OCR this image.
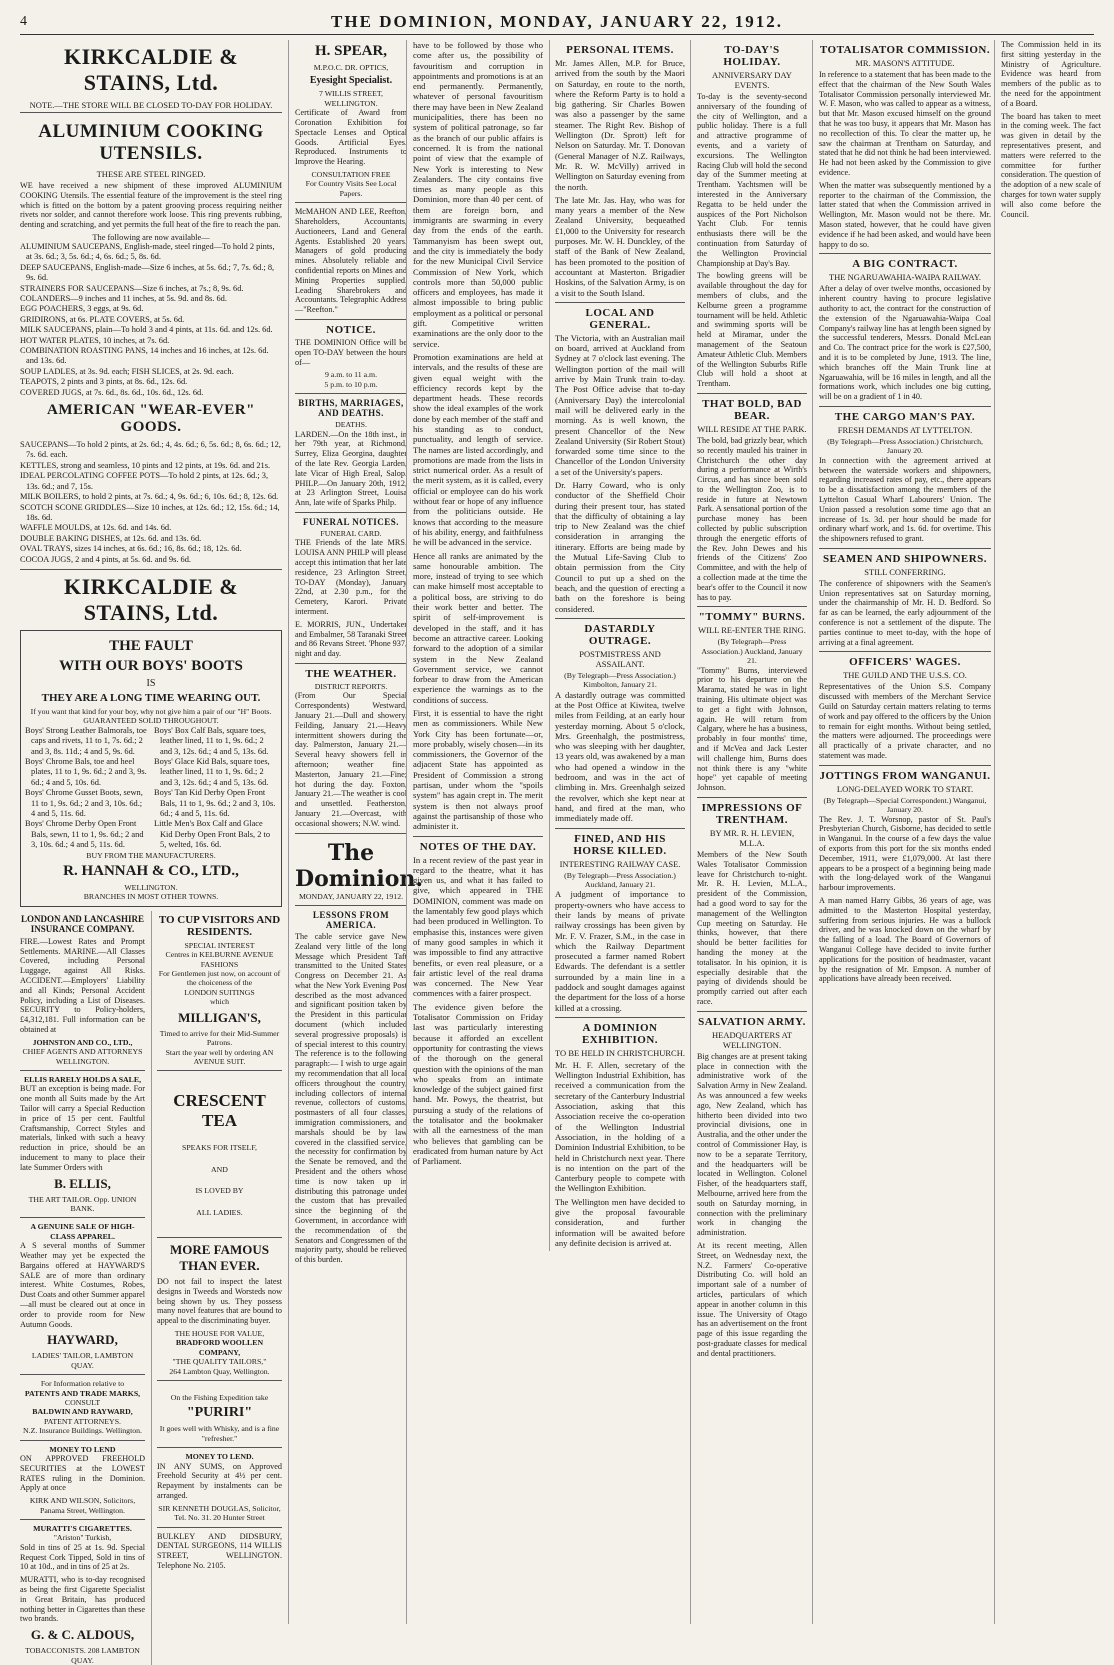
4	THE DOMINION, MONDAY, JANUARY 22, 1912.
KIRKCALDIE & STAINS, Ltd.
NOTE.—THE STORE WILL BE CLOSED TO-DAY FOR HOLIDAY.
ALUMINIUM COOKING UTENSILS.
THESE ARE STEEL RINGED.

WE have received a new shipment of these improved ALUMINIUM COOKING Utensils. The essential feature of the improvement is the steel ring which is fitted on the bottom by a patent grooving process requiring neither rivets nor solder, and cannot therefore work loose. This ring prevents rubbing, denting and scratching, and yet permits the full heat of the fire to reach the pan.

The following are now available—
ALUMINIUM SAUCEPANS, English-made, steel ringed—To hold 2 pints, at 3s. 6d.; 3, 5s. 6d.; 4, 6s. 6d.; 5, 8s. 6d.
DEEP SAUCEPANS, English-made—Size 6 inches, at 5s. 6d.; 7, 7s. 6d.; 8, 9s. 6d.
STRAINERS FOR SAUCEPANS—Size 6 inches, at 7s.; 8, 9s. 6d.
COLANDERS—9 inches and 11 inches, at 5s. 9d. and 8s. 6d.
EGG POACHERS, 3 eggs, at 9s. 6d.
GRIDIRONS, at 6s. PLATE COVERS, at 5s. 6d.
MILK SAUCEPANS, plain—To hold 3 and 4 pints, at 11s. 6d. and 12s. 6d.
HOT WATER PLATES, 10 inches, at 7s. 6d.
COMBINATION ROASTING PANS, 14 inches and 16 inches, at 12s. 6d. and 13s. 6d.
SOUP LADLES, at 3s. 9d. each; FISH SLICES, at 2s. 9d. each.
TEAPOTS, 2 pints and 3 pints, at 8s. 6d., 12s. 6d.
COVERED JUGS, at 7s. 6d., 8s. 6d., 10s. 6d., 12s. 6d.
AMERICAN "WEAR-EVER" GOODS.
SAUCEPANS—To hold 2 pints, at 2s. 6d.; 4, 4s. 6d.; 6, 5s. 6d.; 8, 6s. 6d.; 12, 7s. 6d. each.
KETTLES, strong and seamless, 10 pints and 12 pints, at 19s. 6d. and 21s.
IDEAL PERCOLATING COFFEE POTS—To hold 2 pints, at 12s. 6d.; 3, 13s. 6d.; and 7, 15s.
MILK BOILERS, to hold 2 pints, at 7s. 6d.; 4, 9s. 6d.; 6, 10s. 6d.; 8, 12s. 6d.
SCOTCH SCONE GRIDDLES—Size 10 inches, at 12s. 6d.; 12, 15s. 6d.; 14, 18s. 6d.
WAFFLE MOULDS, at 12s. 6d. and 14s. 6d.
DOUBLE BAKING DISHES, at 12s. 6d. and 13s. 6d.
OVAL TRAYS, sizes 14 inches, at 6s. 6d.; 16, 8s. 6d.; 18, 12s. 6d.
COCOA JUGS, 2 and 4 pints, at 5s. 6d. and 9s. 6d.
KIRKCALDIE & STAINS, Ltd.
THE FAULT
WITH OUR BOYS' BOOTS
IS
THEY ARE A LONG TIME WEARING OUT.
If you want that kind for your boy, why not give him a pair of our "H" Boots. GUARANTEED SOLID THROUGHOUT.
Boys' Strong Leather Balmorals, toe caps and rivets, 11 to 1, 7s. 6d.; 2 and 3, 8s. 11d.; 4 and 5, 9s. 6d.
Boys' Chrome Bals, toe and heel plates, 11 to 1, 9s. 6d.; 2 and 3, 9s. 6d.; 4 and 5, 10s. 6d.
Boys' Chrome Gusset Boots, sewn, 11 to 1, 9s. 6d.; 2 and 3, 10s. 6d.; 4 and 5, 11s. 6d.
Boys' Chrome Derby Open Front Bals, sewn, 11 to 1, 9s. 6d.; 2 and 3, 10s. 6d.; 4 and 5, 11s. 6d.
Boys' Box Calf Bals, square toes, leather lined, 11 to 1, 9s. 6d.; 2 and 3, 12s. 6d.; 4 and 5, 13s. 6d.
Boys' Glace Kid Bals, square toes, leather lined, 11 to 1, 9s. 6d.; 2 and 3, 12s. 6d.; 4 and 5, 13s. 6d.
Boys' Tan Kid Derby Open Front Bals, 11 to 1, 9s. 6d.; 2 and 3, 10s. 6d.; 4 and 5, 11s. 6d.
Little Men's Box Calf and Glace Kid Derby Open Front Bals, 2 to 5, welted, 16s. 6d.
BUY FROM THE MANUFACTURERS.
R. HANNAH & CO., LTD.,
WELLINGTON.
BRANCHES IN MOST OTHER TOWNS.
LONDON AND LANCASHIRE INSURANCE COMPANY.

FIRE.—Lowest Rates and Prompt Settlements. MARINE.—All Classes Covered, including Personal Luggage, against All Risks. ACCIDENT.—Employers' Liability and all Kinds; Personal Accident Policy, including a List of Diseases. SECURITY to Policy-holders, £4,312,181. Full information can be obtained at

JOHNSTON AND CO., LTD.,
CHIEF AGENTS AND ATTORNEYS WELLINGTON.
ELLIS RARELY HOLDS A SALE,

BUT an exception is being made. For one month all Suits made by the Art Tailor will carry a Special Reduction in price of 15 per cent. Faultful Craftsmanship, Correct Styles and materials, linked with such a heavy reduction in price, should be an inducement to many to place their late Summer Orders with

B. ELLIS,
THE ART TAILOR. Opp. UNION BANK.
A GENUINE SALE OF HIGH-CLASS APPAREL.

A S several months of Summer Weather may yet be expected the Bargains offered at HAYWARD'S SALE are of more than ordinary interest. White Costumes, Robes, Dust Coats and other Summer apparel—all must be cleared out at once in order to provide room for New Autumn Goods.

HAYWARD,
LADIES' TAILOR, LAMBTON QUAY.
For Information relative to
PATENTS AND TRADE MARKS,
CONSULT
BALDWIN AND RAYWARD,
PATENT ATTORNEYS.
N.Z. Insurance Buildings. Wellington.
MONEY TO LEND

ON APPROVED FREEHOLD SECURITIES at the LOWEST RATES ruling in the Dominion. Apply at once

KIRK AND WILSON, Solicitors,
Panama Street, Wellington.
MURATTI'S CIGARETTES.
"Ariston" Turkish,

Sold in tins of 25 at 1s. 9d. Special Request Cork Tipped, Sold in tins of 10 at 10d., and in tins of 25 at 2s.

MURATTI, who is to-day recognised as being the first Cigarette Specialist in Great Britain, has produced nothing better in Cigarettes than these two brands.

G. & C. ALDOUS,
TOBACCONISTS. 208 LAMBTON QUAY.
TO CUP VISITORS AND RESIDENTS.
SPECIAL INTEREST
Centres in KELBURNE AVENUE FASHIONS
For Gentlemen just now, on account of the choiceness of the
LONDON SUITINGS
which
MILLIGAN'S,
Timed to arrive for their Mid-Summer Patrons.
Start the year well by ordering AN AVENUE SUIT.
CRESCENT TEA
SPEAKS FOR ITSELF,
AND
IS LOVED BY
ALL LADIES.
MORE FAMOUS THAN EVER.

DO not fail to inspect the latest designs in Tweeds and Worsteds now being shown by us. They possess many novel features that are bound to appeal to the discriminating buyer.

THE HOUSE FOR VALUE,
BRADFORD WOOLLEN COMPANY,
"THE QUALITY TAILORS,"
264 Lambton Quay, Wellington.
On the Fishing Expedition take
"PURIRI"
It goes well with Whisky, and is a fine "refresher."
MONEY TO LEND.

IN ANY SUMS, on Approved Freehold Security at 4½ per cent. Repayment by instalments can be arranged.

SIR KENNETH DOUGLAS, Solicitor,
Tel. No. 31. 20 Hunter Street

BULKLEY AND DIDSBURY, DENTAL SURGEONS, 114 WILLIS STREET, WELLINGTON. Telephone No. 2105.

H. SPEAR,
M.P.O.C. DR. OPTICS,
Eyesight Specialist.
7 WILLIS STREET, WELLINGTON.

Certificate of Award from Coronation Exhibition for Spectacle Lenses and Optical Goods. Artificial Eyes. Reproduced. Instruments to Improve the Hearing.

CONSULTATION FREE
For Country Visits See Local Papers.

McMAHON AND LEE, Reefton, Shareholders, Accountants, Auctioneers, Land and General Agents. Established 20 years. Managers of gold producing mines. Absolutely reliable and confidential reports on Mines and Mining Properties supplied. Leading Sharebrokers and Accountants. Telegraphic Address—"Reefton."

NOTICE.

THE DOMINION Office will be open TO-DAY between the hours of—

9 a.m. to 11 a.m.
5 p.m. to 10 p.m.
BIRTHS, MARRIAGES, AND DEATHS.
DEATHS.

LARDEN.—On the 18th inst., in her 79th year, at Richmond, Surrey, Eliza Georgina, daughter of the late Rev. Georgia Larden, late Vicar of High Ereal, Salop. PHILP.—On January 20th, 1912, at 23 Arlington Street, Louisa Ann, late wife of Sparks Philp.

FUNERAL NOTICES.
FUNERAL CARD.

THE Friends of the late MRS. LOUISA ANN PHILP will please accept this intimation that her late residence, 23 Arlington Street, TO-DAY (Monday), January 22nd, at 2.30 p.m., for the Cemetery, Karori. Private interment.

E. MORRIS, JUN., Undertaker and Embalmer, 58 Taranaki Street and 86 Revans Street. 'Phone 937, night and day.

THE WEATHER.
DISTRICT REPORTS.

(From Our Special Correspondents) Westward, January 21.—Dull and showery. Feilding, January 21.—Heavy intermittent showers during the day. Palmerston, January 21.—Several heavy showers fell in afternoon; weather fine. Masterton, January 21.—Fine; hot during the day. Foxton, January 21.—The weather is cool and unsettled. Featherston, January 21.—Overcast, with occasional showers; N.W. wind.

The Dominion.
MONDAY, JANUARY 22, 1912.
LESSONS FROM AMERICA.

The cable service gave New Zealand very little of the long Message which President Taft transmitted to the United States Congress on December 21. As what the New York Evening Post described as the most advanced and significant position taken by the President in this particular document (which included several progressive proposals) is of special interest to this country. The reference is to the following paragraph:— I wish to urge again my recommendation that all local officers throughout the country, including collectors of internal revenue, collectors of customs, postmasters of all four classes, immigration commissioners, and marshals should be by law covered in the classified service, the necessity for confirmation by the Senate be removed, and the President and the others whose time is now taken up in distributing this patronage under the custom that has prevailed since the beginning of the Government, in accordance with the recommendation of the Senators and Congressmen of the majority party, should be relieved of this burden.

have to be followed by those who come after us, the possibility of favouritism and corruption in appointments and promotions is at an end permanently. Permanently, whatever of personal favouritism there may have been in New Zealand municipalities, there has been no system of political patronage, so far as the branch of our public affairs is concerned. It is from the national point of view that the example of New York is interesting to New Zealanders. The city contains five times as many people as this Dominion, more than 40 per cent. of them are foreign born, and immigrants are swarming in every day from the ends of the earth. Tammanyism has been swept out, and the city is immediately the body for the new Municipal Civil Service Commission of New York, which controls more than 50,000 public officers and employees, has made it almost impossible to bring public employment as a political or personal gift. Competitive written examinations are the only door to the service.

Promotion examinations are held at intervals, and the results of these are given equal weight with the efficiency records kept by the department heads. These records show the ideal examples of the work done by each member of the staff and his standing as to conduct, punctuality, and length of service. The names are listed accordingly, and promotions are made from the lists in strict numerical order. As a result of the merit system, as it is called, every official or employee can do his work without fear or hope of any influence from the politicians outside. He knows that according to the measure of his ability, energy, and faithfulness he will be advanced in the service.

Hence all ranks are animated by the same honourable ambition. The more, instead of trying to see which can make himself most acceptable to a political boss, are striving to do their work better and better. The spirit of self-improvement is developed in the staff, and it has become an attractive career. Looking forward to the adoption of a similar system in the New Zealand Government service, we cannot forbear to draw from the American experience the warnings as to the conditions of success.

First, it is essential to have the right men as commissioners. While New York City has been fortunate—or, more probably, wisely chosen—in its commissioners, the Governor of the adjacent State has appointed as President of Commission a strong partisan, under whom the "spoils system" has again crept in. The merit system is then not always proof against the partisanship of those who administer it.

NOTES OF THE DAY.

In a recent review of the past year in regard to the theatre, what it has given us, and what it has failed to give, which appeared in THE DOMINION, comment was made on the lamentably few good plays which had been produced in Wellington. To emphasise this, instances were given of many good samples in which it was impossible to find any attractive benefits, or even real pleasure, or a fair artistic level of the real drama was concerned. The New Year commences with a fairer prospect.

The evidence given before the Totalisator Commission on Friday last was particularly interesting because it afforded an excellent opportunity for contrasting the views of the thorough on the general question with the opinions of the man who speaks from an intimate knowledge of the subject gained first hand. Mr. Powys, the theatrist, but pursuing a study of the relations of the totalisator and the bookmaker with all the earnestness of the man who believes that gambling can be eradicated from human nature by Act of Parliament.

PERSONAL ITEMS.

Mr. James Allen, M.P. for Bruce, arrived from the south by the Maori on Saturday, en route to the north, where the Reform Party is to hold a big gathering. Sir Charles Bowen was also a passenger by the same steamer. The Right Rev. Bishop of Wellington (Dr. Sprott) left for Nelson on Saturday. Mr. T. Donovan (General Manager of N.Z. Railways, Mr. R. W. McVilly) arrived in Wellington on Saturday evening from the north.

The late Mr. Jas. Hay, who was for many years a member of the New Zealand University, bequeathed £1,000 to the University for research purposes. Mr. W. H. Dunckley, of the staff of the Bank of New Zealand, has been promoted to the position of accountant at Masterton. Brigadier Hoskins, of the Salvation Army, is on a visit to the South Island.

LOCAL AND GENERAL.

The Victoria, with an Australian mail on board, arrived at Auckland from Sydney at 7 o'clock last evening. The Wellington portion of the mail will arrive by Main Trunk train to-day. The Post Office advise that to-day (Anniversary Day) the intercolonial mail will be delivered early in the morning. As is well known, the present Chancellor of the New Zealand University (Sir Robert Stout) forwarded some time since to the Chancellor of the London University a set of the University's papers.

Dr. Harry Coward, who is only conductor of the Sheffield Choir during their present tour, has stated that the difficulty of obtaining a lay trip to New Zealand was the chief consideration in arranging the itinerary. Efforts are being made by the Mutual Life-Saving Club to obtain permission from the City Council to put up a shed on the beach, and the question of erecting a bath on the foreshore is being considered.

DASTARDLY OUTRAGE.
POSTMISTRESS AND ASSAILANT.
(By Telegraph—Press Association.) Kimbolton, January 21.

A dastardly outrage was committed at the Post Office at Kiwitea, twelve miles from Feilding, at an early hour yesterday morning. About 5 o'clock, Mrs. Greenhalgh, the postmistress, who was sleeping with her daughter, 13 years old, was awakened by a man who had opened a window in the bedroom, and was in the act of climbing in. Mrs. Greenhalgh seized the revolver, which she kept near at hand, and fired at the man, who immediately made off.

FINED, AND HIS HORSE KILLED.
INTERESTING RAILWAY CASE.
(By Telegraph—Press Association.) Auckland, January 21.

A judgment of importance to property-owners who have access to their lands by means of private railway crossings has been given by Mr. F. V. Frazer, S.M., in the case in which the Railway Department prosecuted a farmer named Robert Edwards. The defendant is a settler surrounded by a main line in a paddock and sought damages against the department for the loss of a horse killed at a crossing.

A DOMINION EXHIBITION.
TO BE HELD IN CHRISTCHURCH.

Mr. H. F. Allen, secretary of the Wellington Industrial Exhibition, has received a communication from the secretary of the Canterbury Industrial Association, asking that this Association receive the co-operation of the Wellington Industrial Association, in the holding of a Dominion Industrial Exhibition, to be held in Christchurch next year. There is no intention on the part of the Canterbury people to compete with the Wellington Exhibition.

The Wellington men have decided to give the proposal favourable consideration, and further information will be awaited before any definite decision is arrived at.

TO-DAY'S HOLIDAY.
ANNIVERSARY DAY EVENTS.

To-day is the seventy-second anniversary of the founding of the city of Wellington, and a public holiday. There is a full and attractive programme of events, and a variety of excursions. The Wellington Racing Club will hold the second day of the Summer meeting at Trentham. Yachtsmen will be interested in the Anniversary Regatta to be held under the auspices of the Port Nicholson Yacht Club. For tennis enthusiasts there will be the continuation from Saturday of the Wellington Provincial Championship at Day's Bay.

The bowling greens will be available throughout the day for members of clubs, and the Kelburne green a programme tournament will be held. Athletic and swimming sports will be held at Miramar, under the management of the Seatoun Amateur Athletic Club. Members of the Wellington Suburbs Rifle Club will hold a shoot at Trentham.

THAT BOLD, BAD BEAR.
WILL RESIDE AT THE PARK.

The bold, bad grizzly bear, which so recently mauled his trainer in Christchurch the other day during a performance at Wirth's Circus, and has since been sold to the Wellington Zoo, is to reside in future at Newtown Park. A sensational portion of the purchase money has been collected by public subscription through the energetic efforts of the Rev. John Dewes and his friends of the Citizens' Zoo Committee, and with the help of a collection made at the time the bear's offer to the Council it now has to pay.

"TOMMY" BURNS.
WILL RE-ENTER THE RING.
(By Telegraph—Press Association.) Auckland, January 21.

"Tommy" Burns, interviewed prior to his departure on the Marama, stated he was in light training. His ultimate object was to get a fight with Johnson, again. He will return from Calgary, where he has a business, probably in four months' time, and if McVea and Jack Lester will challenge him, Burns does not think there is any "white hope" yet capable of meeting Johnson.

IMPRESSIONS OF TRENTHAM.
BY MR. R. H. LEVIEN, M.L.A.

Members of the New South Wales Totalisator Commission leave for Christchurch to-night. Mr. R. H. Levien, M.L.A., president of the Commission, had a good word to say for the management of the Wellington Cup meeting on Saturday. He thinks, however, that there should be better facilities for handing the money at the totalisator. In his opinion, it is especially desirable that the paying of dividends should be promptly carried out after each race.

SALVATION ARMY.
HEADQUARTERS AT WELLINGTON.

Big changes are at present taking place in connection with the administrative work of the Salvation Army in New Zealand. As was announced a few weeks ago, New Zealand, which has hitherto been divided into two provincial divisions, one in Australia, and the other under the control of Commissioner Hay, is now to be a separate Territory, and the headquarters will be located in Wellington. Colonel Fisher, of the headquarters staff, Melbourne, arrived here from the south on Saturday morning, in connection with the preliminary work in changing the administration.

At its recent meeting, Allen Street, on Wednesday next, the N.Z. Farmers' Co-operative Distributing Co. will hold an important sale of a number of articles, particulars of which appear in another column in this issue. The University of Otago has an advertisement on the front page of this issue regarding the post-graduate classes for medical and dental practitioners.

TOTALISATOR COMMISSION.
MR. MASON'S ATTITUDE.

In reference to a statement that has been made to the effect that the chairman of the New South Wales Totalisator Commission personally interviewed Mr. W. F. Mason, who was called to appear as a witness, but that Mr. Mason excused himself on the ground that he was too busy, it appears that Mr. Mason has no recollection of this. To clear the matter up, he saw the chairman at Trentham on Saturday, and stated that he did not think he had been interviewed. He had not been asked by the Commission to give evidence.

When the matter was subsequently mentioned by a reporter to the chairman of the Commission, the latter stated that when the Commission arrived in Wellington, Mr. Mason would not be there. Mr. Mason stated, however, that he could have given evidence if he had been asked, and would have been happy to do so.

A BIG CONTRACT.
THE NGARUAWAHIA-WAIPA RAILWAY.

After a delay of over twelve months, occasioned by inherent country having to procure legislative authority to act, the contract for the construction of the extension of the Ngaruawahia-Waipa Coal Company's railway line has at length been signed by the successful tenderers, Messrs. Donald McLean and Co. The contract price for the work is £27,500, and it is to be completed by June, 1913. The line, which branches off the Main Trunk line at Ngaruawahia, will be 16 miles in length, and all the formations work, which includes one big cutting, will be on a gradient of 1 in 40.

THE CARGO MAN'S PAY.
FRESH DEMANDS AT LYTTELTON.
(By Telegraph—Press Association.) Christchurch, January 20.

In connection with the agreement arrived at between the waterside workers and shipowners, regarding increased rates of pay, etc., there appears to be a dissatisfaction among the members of the Lyttelton Casual Wharf Labourers' Union. The Union passed a resolution some time ago that an increase of 1s. 3d. per hour should be made for ordinary wharf work, and 1s. 6d. for overtime. This the shipowners refused to grant.

SEAMEN AND SHIPOWNERS.
STILL CONFERRING.

The conference of shipowners with the Seamen's Union representatives sat on Saturday morning, under the chairmanship of Mr. H. D. Bedford. So far as can be learned, the early adjournment of the conference is not a settlement of the dispute. The parties continue to meet to-day, with the hope of arriving at a final agreement.

OFFICERS' WAGES.
THE GUILD AND THE U.S.S. CO.

Representatives of the Union S.S. Company discussed with members of the Merchant Service Guild on Saturday certain matters relating to terms of work and pay offered to the officers by the Union to remain for eight months. Without being settled, the matters were adjourned. The proceedings were all practically of a private character, and no statement was made.

JOTTINGS FROM WANGANUI.
LONG-DELAYED WORK TO START.
(By Telegraph—Special Correspondent.) Wanganui, January 20.

The Rev. J. T. Worsnop, pastor of St. Paul's Presbyterian Church, Gisborne, has decided to settle in Wanganui. In the course of a few days the value of exports from this port for the six months ended December, 1911, were £1,079,000. At last there appears to be a prospect of a beginning being made with the long-delayed work of the Wanganui harbour improvements.

A man named Harry Gibbs, 36 years of age, was admitted to the Masterton Hospital yesterday, suffering from serious injuries. He was a bullock driver, and he was knocked down on the wharf by the falling of a load. The Board of Governors of Wanganui College have decided to invite further applications for the position of headmaster, vacant by the resignation of Mr. Empson. A number of applications have already been received.

The Commission held in its first sitting yesterday in the Ministry of Agriculture. Evidence was heard from members of the public as to the need for the appointment of a Board.

The board has taken to meet in the coming week. The fact was given in detail by the representatives present, and matters were referred to the committee for further consideration. The question of the adoption of a new scale of charges for town water supply will also come before the Council.
